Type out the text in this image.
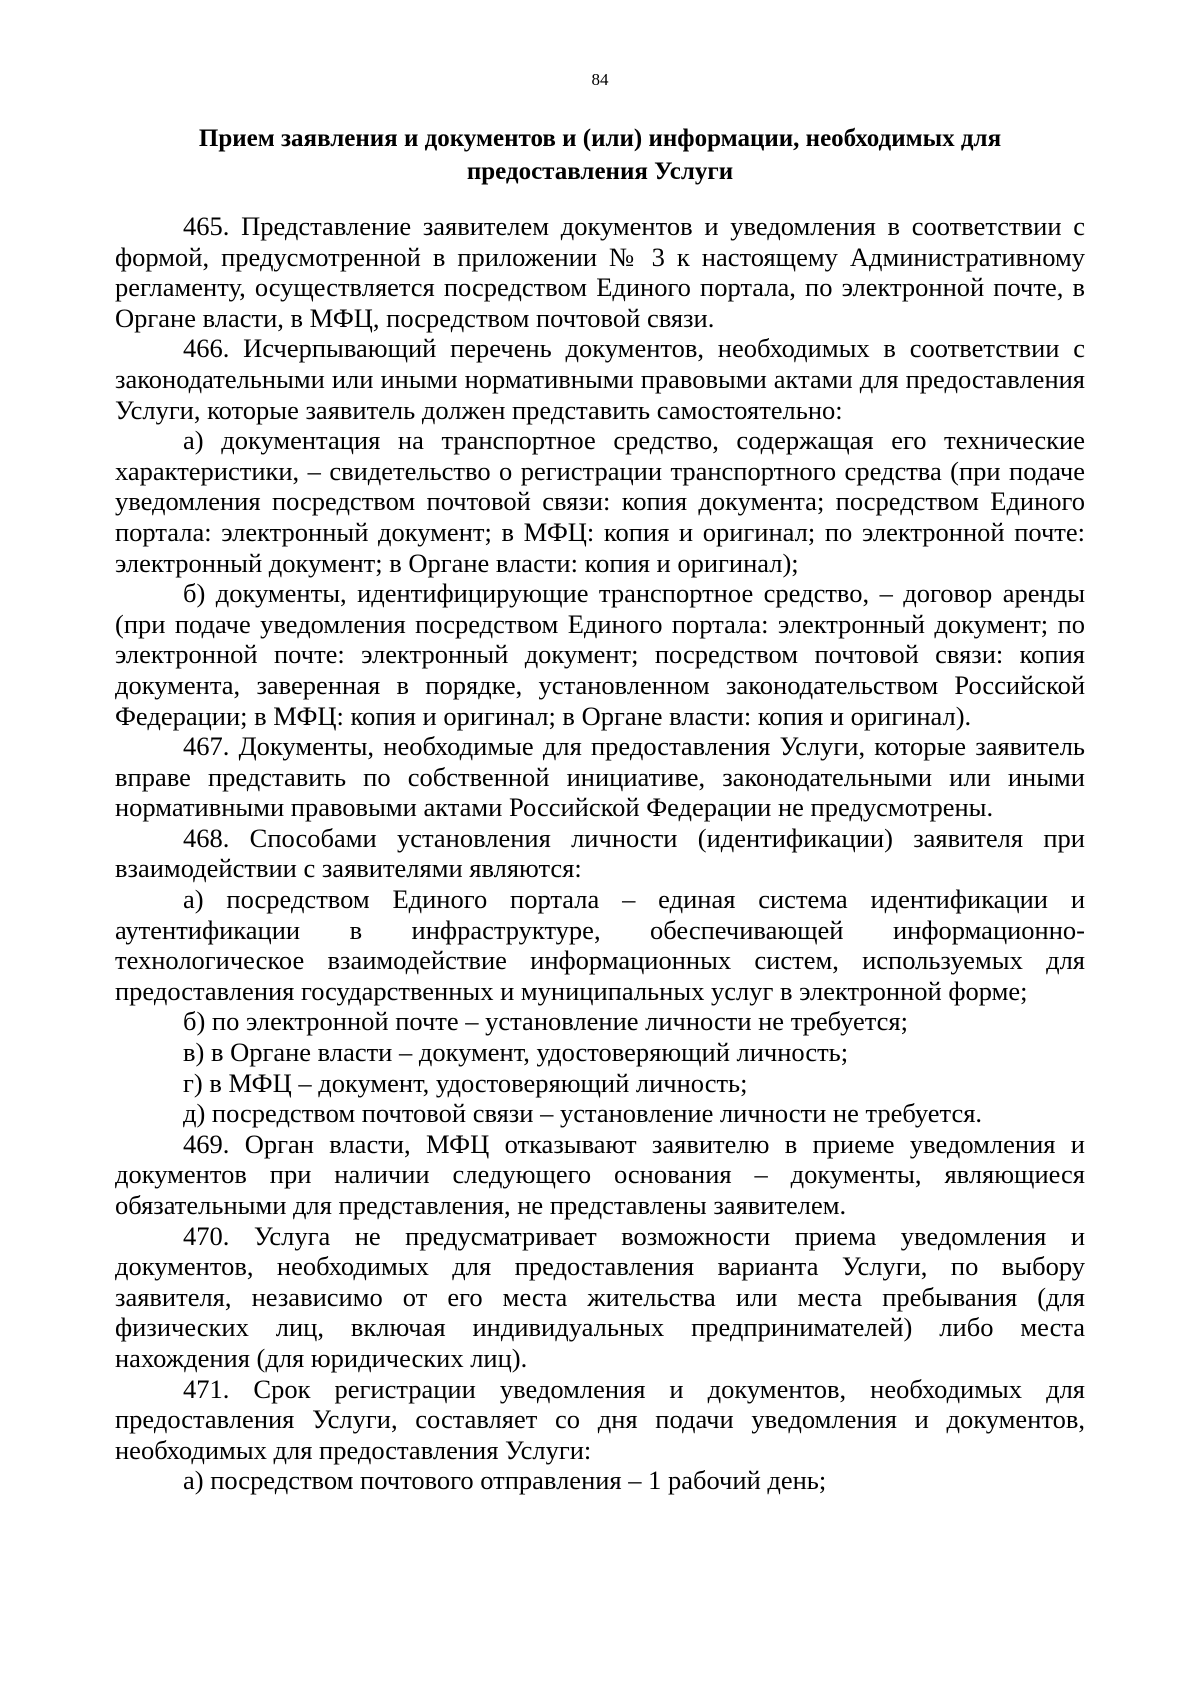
84
Прием заявления и документов и (или) информации, необходимых для
предоставления Услуги

465. Представление заявителем документов и уведомления в соответствии с формой, предусмотренной в приложении № 3 к настоящему Административному регламенту, осуществляется посредством Единого портала, по электронной почте, в Органе власти, в МФЦ, посредством почтовой связи.

466. Исчерпывающий перечень документов, необходимых в соответствии с законодательными или иными нормативными правовыми актами для предоставления Услуги, которые заявитель должен представить самостоятельно:

а) документация на транспортное средство, содержащая его технические характеристики, – свидетельство о регистрации транспортного средства (при подаче уведомления посредством почтовой связи: копия документа; посредством Единого портала: электронный документ; в МФЦ: копия и оригинал; по электронной почте: электронный документ; в Органе власти: копия и оригинал);

б) документы, идентифицирующие транспортное средство, – договор аренды (при подаче уведомления посредством Единого портала: электронный документ; по электронной почте: электронный документ; посредством почтовой связи: копия документа, заверенная в порядке, установленном законодательством Российской Федерации; в МФЦ: копия и оригинал; в Органе власти: копия и оригинал).

467. Документы, необходимые для предоставления Услуги, которые заявитель вправе представить по собственной инициативе, законодательными или иными нормативными правовыми актами Российской Федерации не предусмотрены.

468. Способами установления личности (идентификации) заявителя при взаимодействии с заявителями являются:

а) посредством Единого портала – единая система идентификации и аутентификации в инфраструктуре, обеспечивающей информационно-технологическое взаимодействие информационных систем, используемых для предоставления государственных и муниципальных услуг в электронной форме;

б) по электронной почте – установление личности не требуется;

в) в Органе власти – документ, удостоверяющий личность;

г) в МФЦ – документ, удостоверяющий личность;

д) посредством почтовой связи – установление личности не требуется.

469. Орган власти, МФЦ отказывают заявителю в приеме уведомления и документов при наличии следующего основания – документы, являющиеся обязательными для представления, не представлены заявителем.

470. Услуга не предусматривает возможности приема уведомления и документов, необходимых для предоставления варианта Услуги, по выбору заявителя, независимо от его места жительства или места пребывания (для физических лиц, включая индивидуальных предпринимателей) либо места нахождения (для юридических лиц).

471. Срок регистрации уведомления и документов, необходимых для предоставления Услуги, составляет со дня подачи уведомления и документов, необходимых для предоставления Услуги:

а) посредством почтового отправления – 1 рабочий день;
